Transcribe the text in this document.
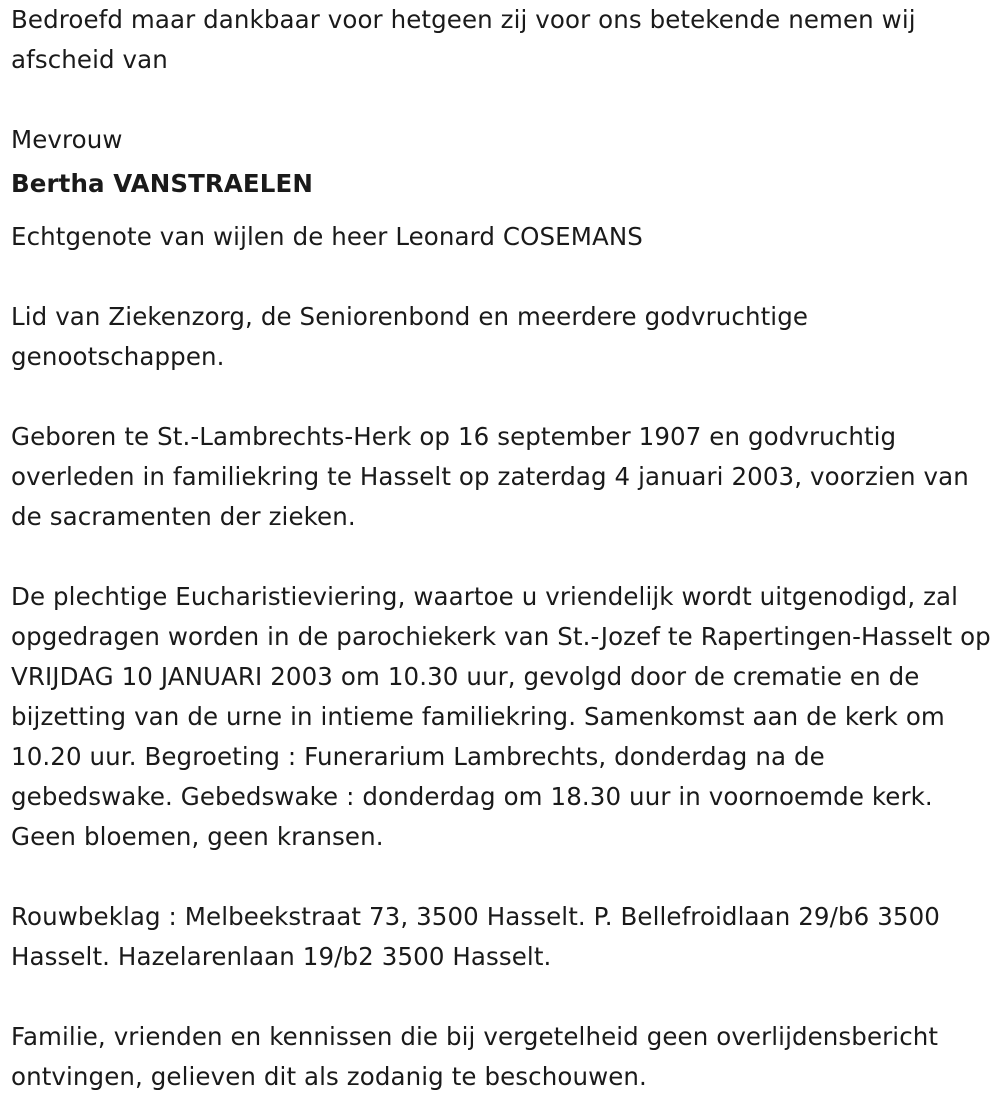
Bedroefd maar dankbaar voor hetgeen zij voor ons betekende nemen wij afscheid van

Mevrouw

Bertha VANSTRAELEN

Echtgenote van wijlen de heer Leonard COSEMANS

Lid van Ziekenzorg, de Seniorenbond en meerdere godvruchtige genootschappen.

Geboren te St.-Lambrechts-Herk op 16 september 1907 en godvruchtig overleden in familiekring te Hasselt op zaterdag 4 januari 2003, voorzien van de sacramenten der zieken.

De plechtige Eucharistieviering, waartoe u vriendelijk wordt uitgenodigd, zal opgedragen worden in de parochiekerk van St.-Jozef te Rapertingen-Hasselt op VRIJDAG 10 JANUARI 2003 om 10.30 uur, gevolgd door de crematie en de bijzetting van de urne in intieme familiekring. Samenkomst aan de kerk om 10.20 uur. Begroeting : Funerarium Lambrechts, donderdag na de gebedswake. Gebedswake : donderdag om 18.30 uur in voornoemde kerk. Geen bloemen, geen kransen.

Rouwbeklag : Melbeekstraat 73, 3500 Hasselt. P. Bellefroidlaan 29/b6 3500 Hasselt. Hazelarenlaan 19/b2 3500 Hasselt.

Familie, vrienden en kennissen die bij vergetelheid geen overlijdensbericht ontvingen, gelieven dit als zodanig te beschouwen.
